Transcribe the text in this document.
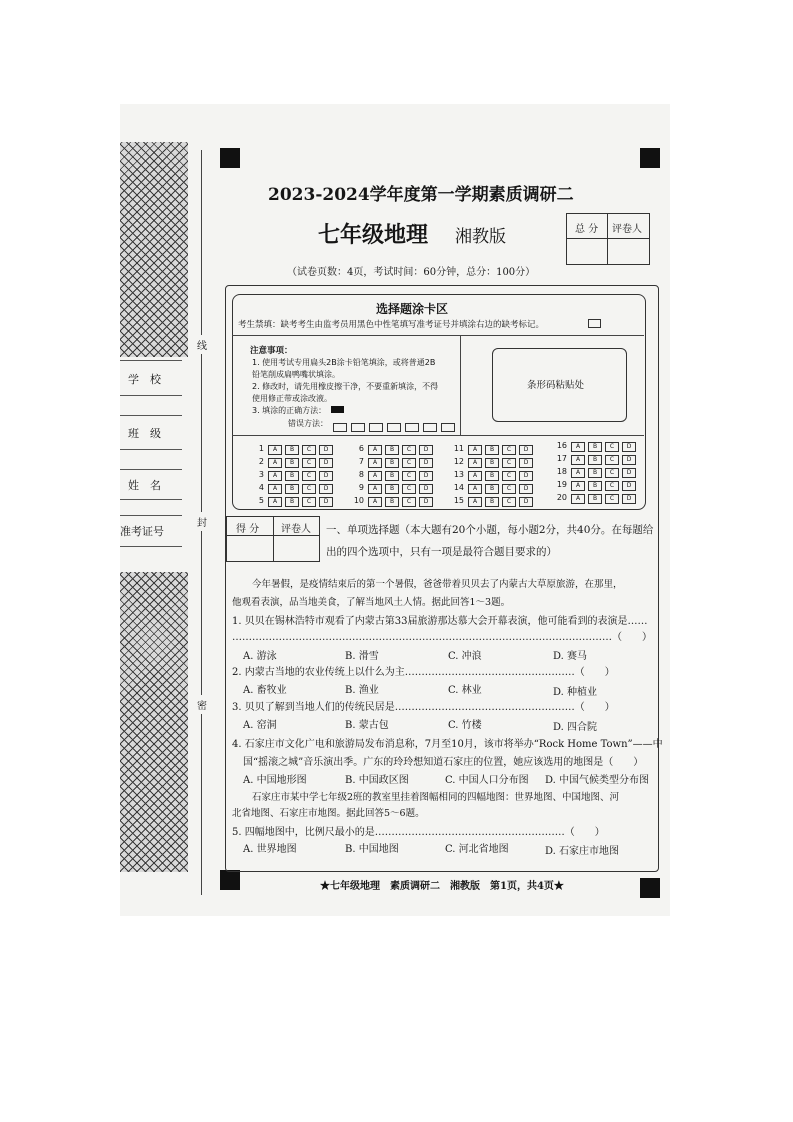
线
封
密
学　校
班　级
姓　名
准考证号
2023-2024学年度第一学期素质调研二
七年级地理 湘教版
（试卷页数：4页，考试时间：60分钟，总分：100分）
总 分 评卷人
选择题涂卡区
考生禁填：缺考考生由监考员用黑色中性笔填写准考证号并填涂右边的缺考标记。
注意事项：
1. 使用考试专用扁头2B涂卡铅笔填涂，或将普通2B
铅笔削成扁鸭嘴状填涂。
2. 修改时，请先用橡皮擦干净，不要重新填涂，不得
使用修正带或涂改液。
3. 填涂的正确方法：
错误方法：
条形码粘贴处
1 A B C D
2 A B C D
3 A B C D
4 A B C D
5 A B C D
6 A B C D
7 A B C D
8 A B C D
9 A B C D
10 A B C D
11 A B C D
12 A B C D
13 A B C D
14 A B C D
15 A B C D
16 A B C D
17 A B C D
18 A B C D
19 A B C D
20 A B C D
得 分 评卷人 一、单项选择题（本大题有20个小题，每小题2分，共40分。在每题给
出的四个选项中，只有一项是最符合题目要求的）
今年暑假，是疫情结束后的第一个暑假，爸爸带着贝贝去了内蒙古大草原旅游，在那里，
他观看表演，品当地美食，了解当地风土人情。据此回答1～3题。
1. 贝贝在锡林浩特市观看了内蒙古第33届旅游那达慕大会开幕表演，他可能看到的表演是……
……………………………………………………………………………………………………（　　）
A. 游泳	B. 滑雪	C. 冲浪	D. 赛马
2. 内蒙古当地的农业传统上以什么为主……………………………………………（　　）
A. 畜牧业	B. 渔业	C. 林业	D. 种植业
3. 贝贝了解到当地人们的传统民居是………………………………………………（　　）
A. 窑洞	B. 蒙古包	C. 竹楼	D. 四合院
4. 石家庄市文化广电和旅游局发布消息称，7月至10月，该市将举办“Rock Home Town”——中
国“摇滚之城”音乐演出季。广东的玲玲想知道石家庄的位置，她应该选用的地图是（　　）
A. 中国地形图	B. 中国政区图	C. 中国人口分布图 D. 中国气候类型分布图
石家庄市某中学七年级2班的教室里挂着图幅相同的四幅地图：世界地图、中国地图、河
北省地图、石家庄市地图。据此回答5～6题。
5. 四幅地图中，比例尺最小的是…………………………………………………（　　）
A. 世界地图	B. 中国地图	C. 河北省地图	D. 石家庄市地图
★七年级地理　素质调研二　湘教版　第1页，共4页★
